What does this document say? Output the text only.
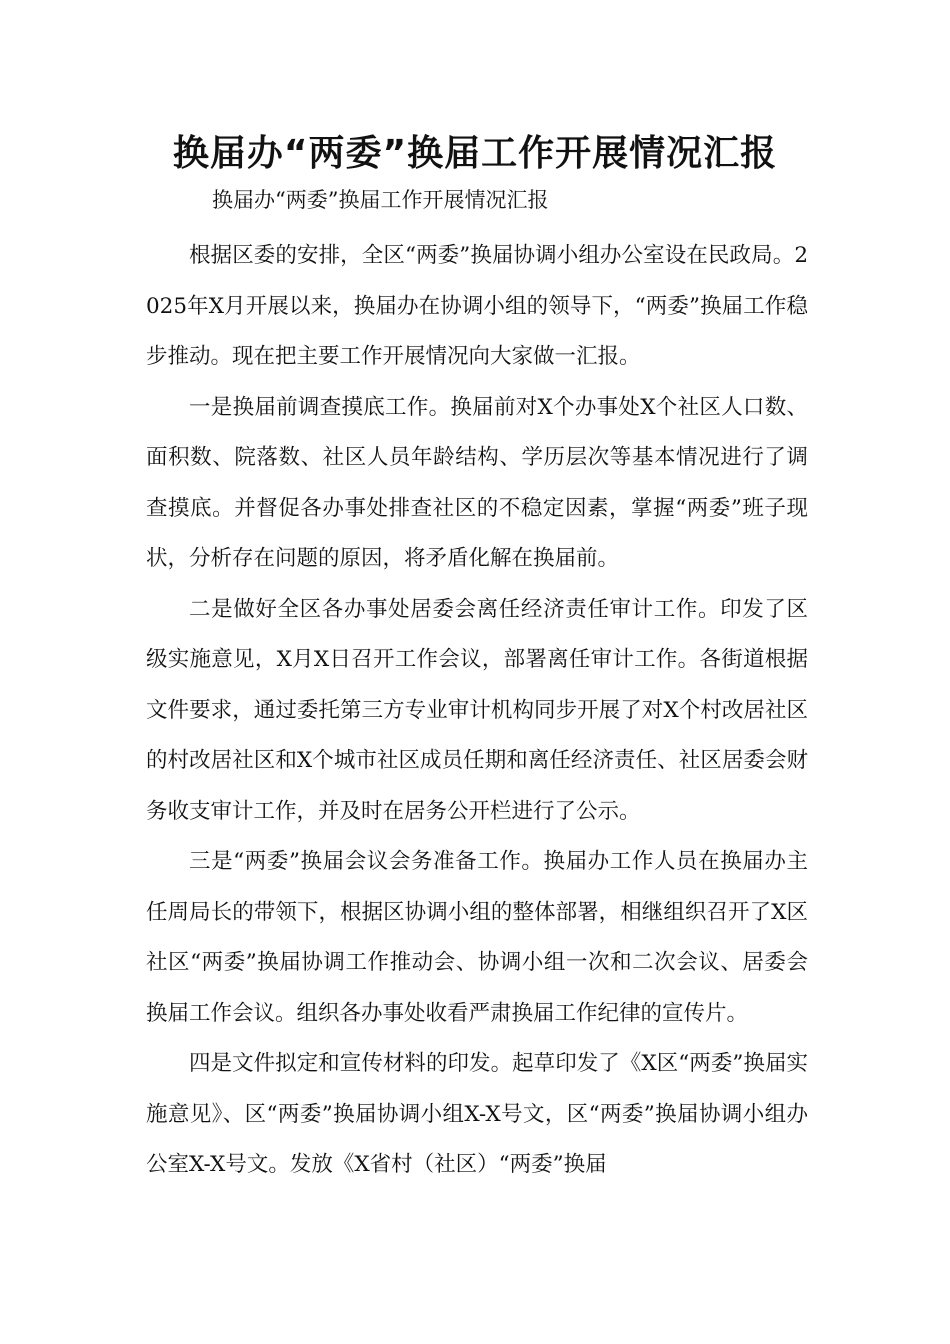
换届办“两委”换届工作开展情况汇报
换届办“两委”换届工作开展情况汇报

根据区委的安排，全区“两委”换届协调小组办公室设在民政局。2025年X月开展以来，换届办在协调小组的领导下，“两委”换届工作稳步推动。现在把主要工作开展情况向大家做一汇报。

一是换届前调查摸底工作。换届前对X个办事处X个社区人口数、面积数、院落数、社区人员年龄结构、学历层次等基本情况进行了调查摸底。并督促各办事处排查社区的不稳定因素，掌握“两委”班子现状，分析存在问题的原因，将矛盾化解在换届前。

二是做好全区各办事处居委会离任经济责任审计工作。印发了区级实施意见，X月X日召开工作会议，部署离任审计工作。各街道根据文件要求，通过委托第三方专业审计机构同步开展了对X个村改居社区的村改居社区和X个城市社区成员任期和离任经济责任、社区居委会财务收支审计工作，并及时在居务公开栏进行了公示。

三是“两委”换届会议会务准备工作。换届办工作人员在换届办主任周局长的带领下，根据区协调小组的整体部署，相继组织召开了X区社区“两委”换届协调工作推动会、协调小组一次和二次会议、居委会换届工作会议。组织各办事处收看严肃换届工作纪律的宣传片。

四是文件拟定和宣传材料的印发。起草印发了《X区“两委”换届实施意见》、区“两委”换届协调小组X-X号文，区“两委”换届协调小组办公室X-X号文。发放《X省村（社区）“两委”换届
